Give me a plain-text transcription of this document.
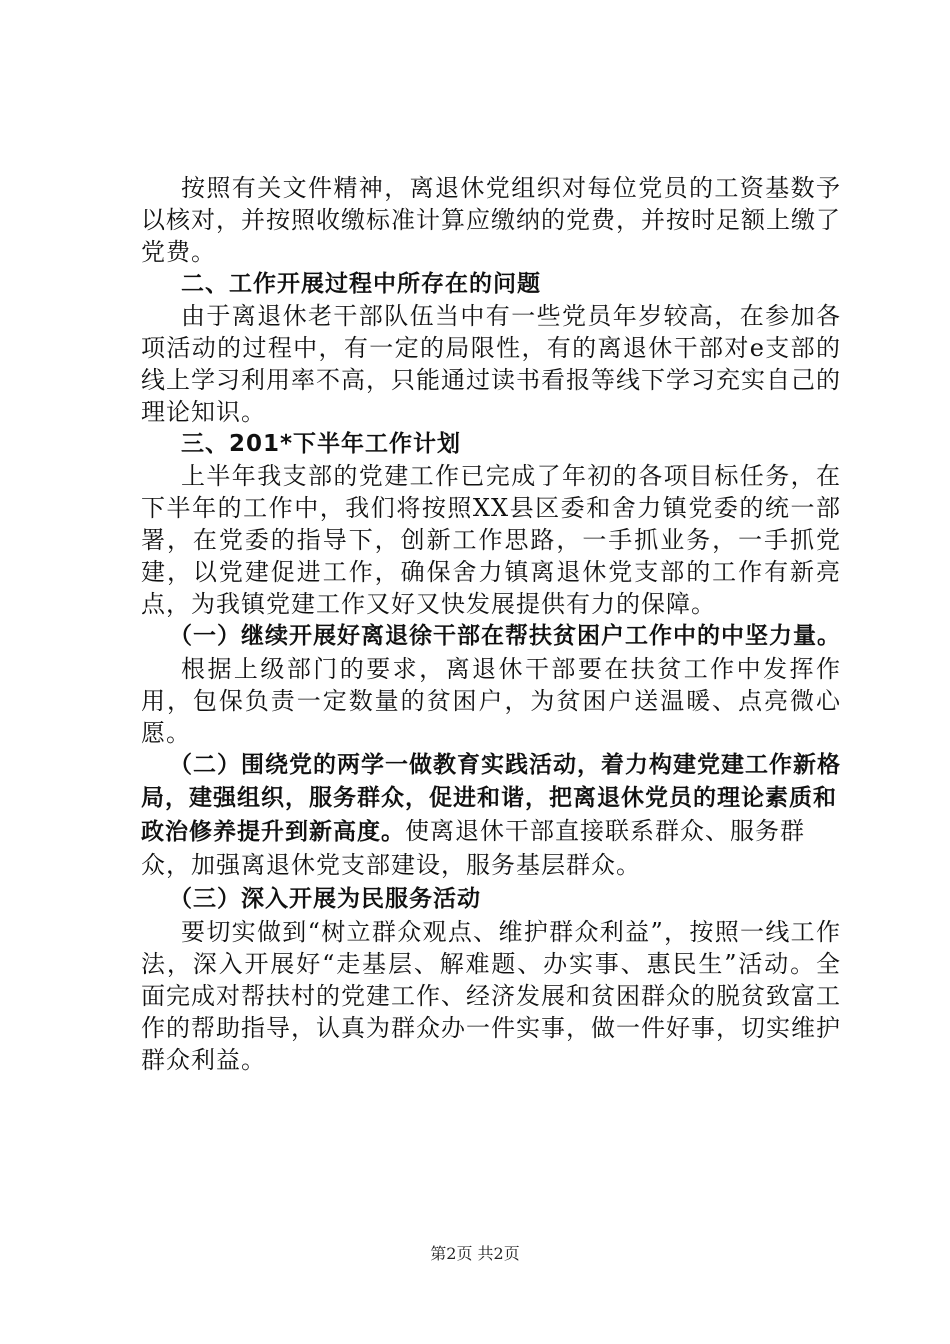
按照有关文件精神，离退休党组织对每位党员的工资基数予以核对，并按照收缴标准计算应缴纳的党费，并按时足额上缴了党费。

二、工作开展过程中所存在的问题

由于离退休老干部队伍当中有一些党员年岁较高，在参加各项活动的过程中，有一定的局限性，有的离退休干部对e支部的线上学习利用率不高，只能通过读书看报等线下学习充实自己的理论知识。

三、201*下半年工作计划

上半年我支部的党建工作已完成了年初的各项目标任务，在下半年的工作中，我们将按照XX县区委和舍力镇党委的统一部署，在党委的指导下，创新工作思路，一手抓业务，一手抓党建，以党建促进工作，确保舍力镇离退休党支部的工作有新亮点，为我镇党建工作又好又快发展提供有力的保障。

（一）继续开展好离退徐干部在帮扶贫困户工作中的中坚力量。

根据上级部门的要求，离退休干部要在扶贫工作中发挥作用，包保负责一定数量的贫困户，为贫困户送温暖、点亮微心愿。

（二）围绕党的两学一做教育实践活动，着力构建党建工作新格局，建强组织，服务群众，促进和谐，把离退休党员的理论素质和政治修养提升到新高度。使离退休干部直接联系群众、服务群众，加强离退休党支部建设，服务基层群众。

（三）深入开展为民服务活动

要切实做到“树立群众观点、维护群众利益”，按照一线工作法，深入开展好“走基层、解难题、办实事、惠民生”活动。全面完成对帮扶村的党建工作、经济发展和贫困群众的脱贫致富工作的帮助指导，认真为群众办一件实事，做一件好事，切实维护群众利益。

第2页 共2页
